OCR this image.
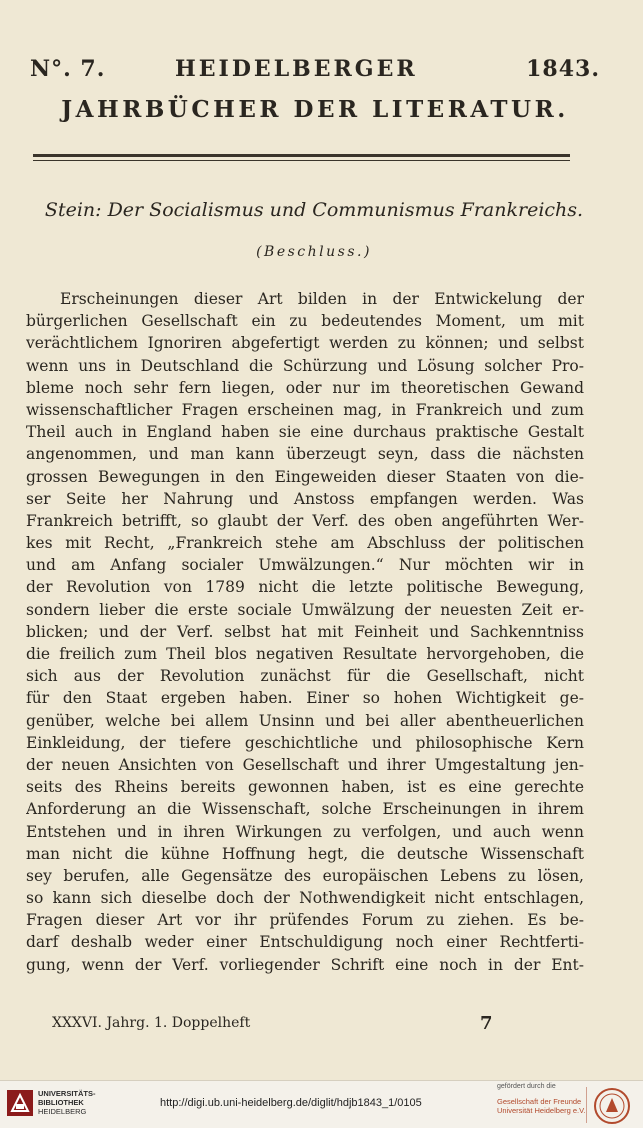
N°. 7.	HEIDELBERGER	1843.
JAHRBÜCHER DER LITERATUR.
Stein: Der Socialismus und Communismus Frankreichs.
(Beschluss.)
Erscheinungen dieser Art bilden in der Entwickelung der
bürgerlichen Gesellschaft ein zu bedeutendes Moment, um mit
verächtlichem Ignoriren abgefertigt werden zu können; und selbst
wenn uns in Deutschland die Schürzung und Lösung solcher Pro-
bleme noch sehr fern liegen, oder nur im theoretischen Gewand
wissenschaftlicher Fragen erscheinen mag, in Frankreich und zum
Theil auch in England haben sie eine durchaus praktische Gestalt
angenommen, und man kann überzeugt seyn, dass die nächsten
grossen Bewegungen in den Eingeweiden dieser Staaten von die-
ser Seite her Nahrung und Anstoss empfangen werden. Was
Frankreich betrifft, so glaubt der Verf. des oben angeführten Wer-
kes mit Recht, „Frankreich stehe am Abschluss der politischen
und am Anfang socialer Umwälzungen.“ Nur möchten wir in
der Revolution von 1789 nicht die letzte politische Bewegung,
sondern lieber die erste sociale Umwälzung der neuesten Zeit er-
blicken; und der Verf. selbst hat mit Feinheit und Sachkenntniss
die freilich zum Theil blos negativen Resultate hervorgehoben, die
sich aus der Revolution zunächst für die Gesellschaft, nicht
für den Staat ergeben haben. Einer so hohen Wichtigkeit ge-
genüber, welche bei allem Unsinn und bei aller abentheuerlichen
Einkleidung, der tiefere geschichtliche und philosophische Kern
der neuen Ansichten von Gesellschaft und ihrer Umgestaltung jen-
seits des Rheins bereits gewonnen haben, ist es eine gerechte
Anforderung an die Wissenschaft, solche Erscheinungen in ihrem
Entstehen und in ihren Wirkungen zu verfolgen, und auch wenn
man nicht die kühne Hoffnung hegt, die deutsche Wissenschaft
sey berufen, alle Gegensätze des europäischen Lebens zu lösen,
so kann sich dieselbe doch der Nothwendigkeit nicht entschlagen,
Fragen dieser Art vor ihr prüfendes Forum zu ziehen. Es be-
darf deshalb weder einer Entschuldigung noch einer Rechtferti-
gung, wenn der Verf. vorliegender Schrift eine noch in der Ent-
XXXVI. Jahrg. 1. Doppelheft	7
UNIVERSITÄTS-
BIBLIOTHEK
HEIDELBERG
http://digi.ub.uni-heidelberg.de/diglit/hdjb1843_1/0105
gefördert durch die
Gesellschaft der Freunde
Universität Heidelberg e.V.
